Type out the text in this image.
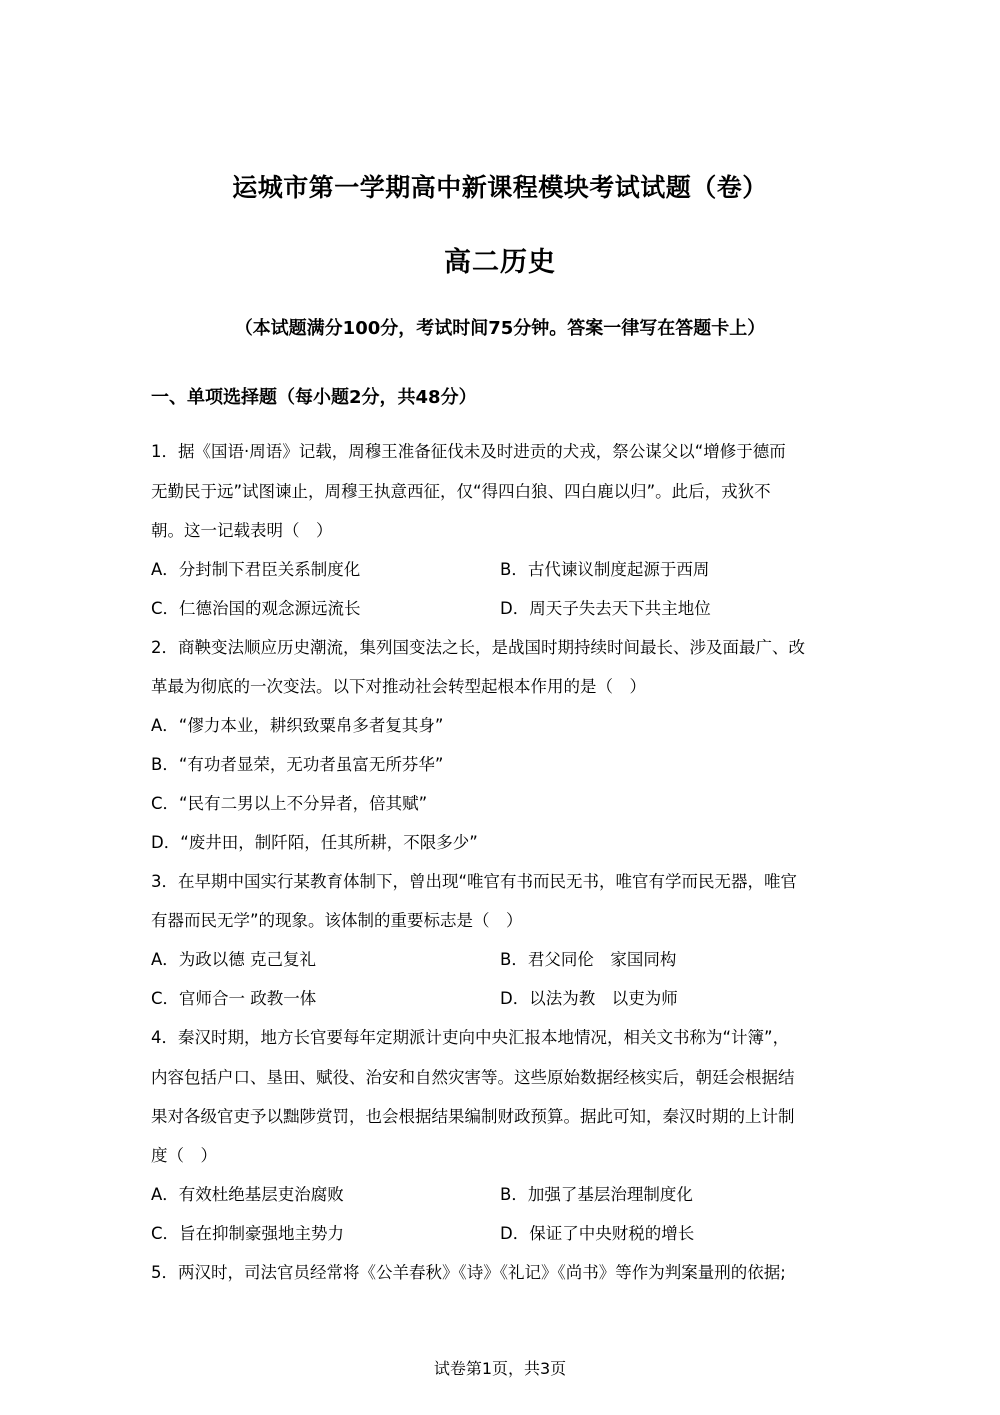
运城市第一学期高中新课程模块考试试题（卷）
高二历史
（本试题满分100分，考试时间75分钟。答案一律写在答题卡上）
一、单项选择题（每小题2分，共48分）
1．据《国语·周语》记载，周穆王准备征伐未及时进贡的犬戎，祭公谋父以“增修于德而
无勤民于远”试图谏止，周穆王执意西征，仅“得四白狼、四白鹿以归”。此后，戎狄不
朝。这一记载表明（　）
A．分封制下君臣关系制度化	B．古代谏议制度起源于西周
C．仁德治国的观念源远流长	D．周天子失去天下共主地位
2．商鞅变法顺应历史潮流，集列国变法之长，是战国时期持续时间最长、涉及面最广、改
革最为彻底的一次变法。以下对推动社会转型起根本作用的是（　）
A．“僇力本业，耕织致粟帛多者复其身”
B．“有功者显荣，无功者虽富无所芬华”
C．“民有二男以上不分异者，倍其赋”
D．“废井田，制阡陌，任其所耕，不限多少”
3．在早期中国实行某教育体制下，曾出现“唯官有书而民无书，唯官有学而民无器，唯官
有器而民无学”的现象。该体制的重要标志是（　）
A．为政以德 克己复礼	B．君父同伦　家国同构
C．官师合一 政教一体	D．以法为教　以吏为师
4．秦汉时期，地方长官要每年定期派计吏向中央汇报本地情况，相关文书称为“计簿”，
内容包括户口、垦田、赋役、治安和自然灾害等。这些原始数据经核实后，朝廷会根据结
果对各级官吏予以黜陟赏罚，也会根据结果编制财政预算。据此可知，秦汉时期的上计制
度（　）
A．有效杜绝基层吏治腐败	B．加强了基层治理制度化
C．旨在抑制豪强地主势力	D．保证了中央财税的增长
5．两汉时，司法官员经常将《公羊春秋》《诗》《礼记》《尚书》等作为判案量刑的依据;
试卷第1页，共3页
